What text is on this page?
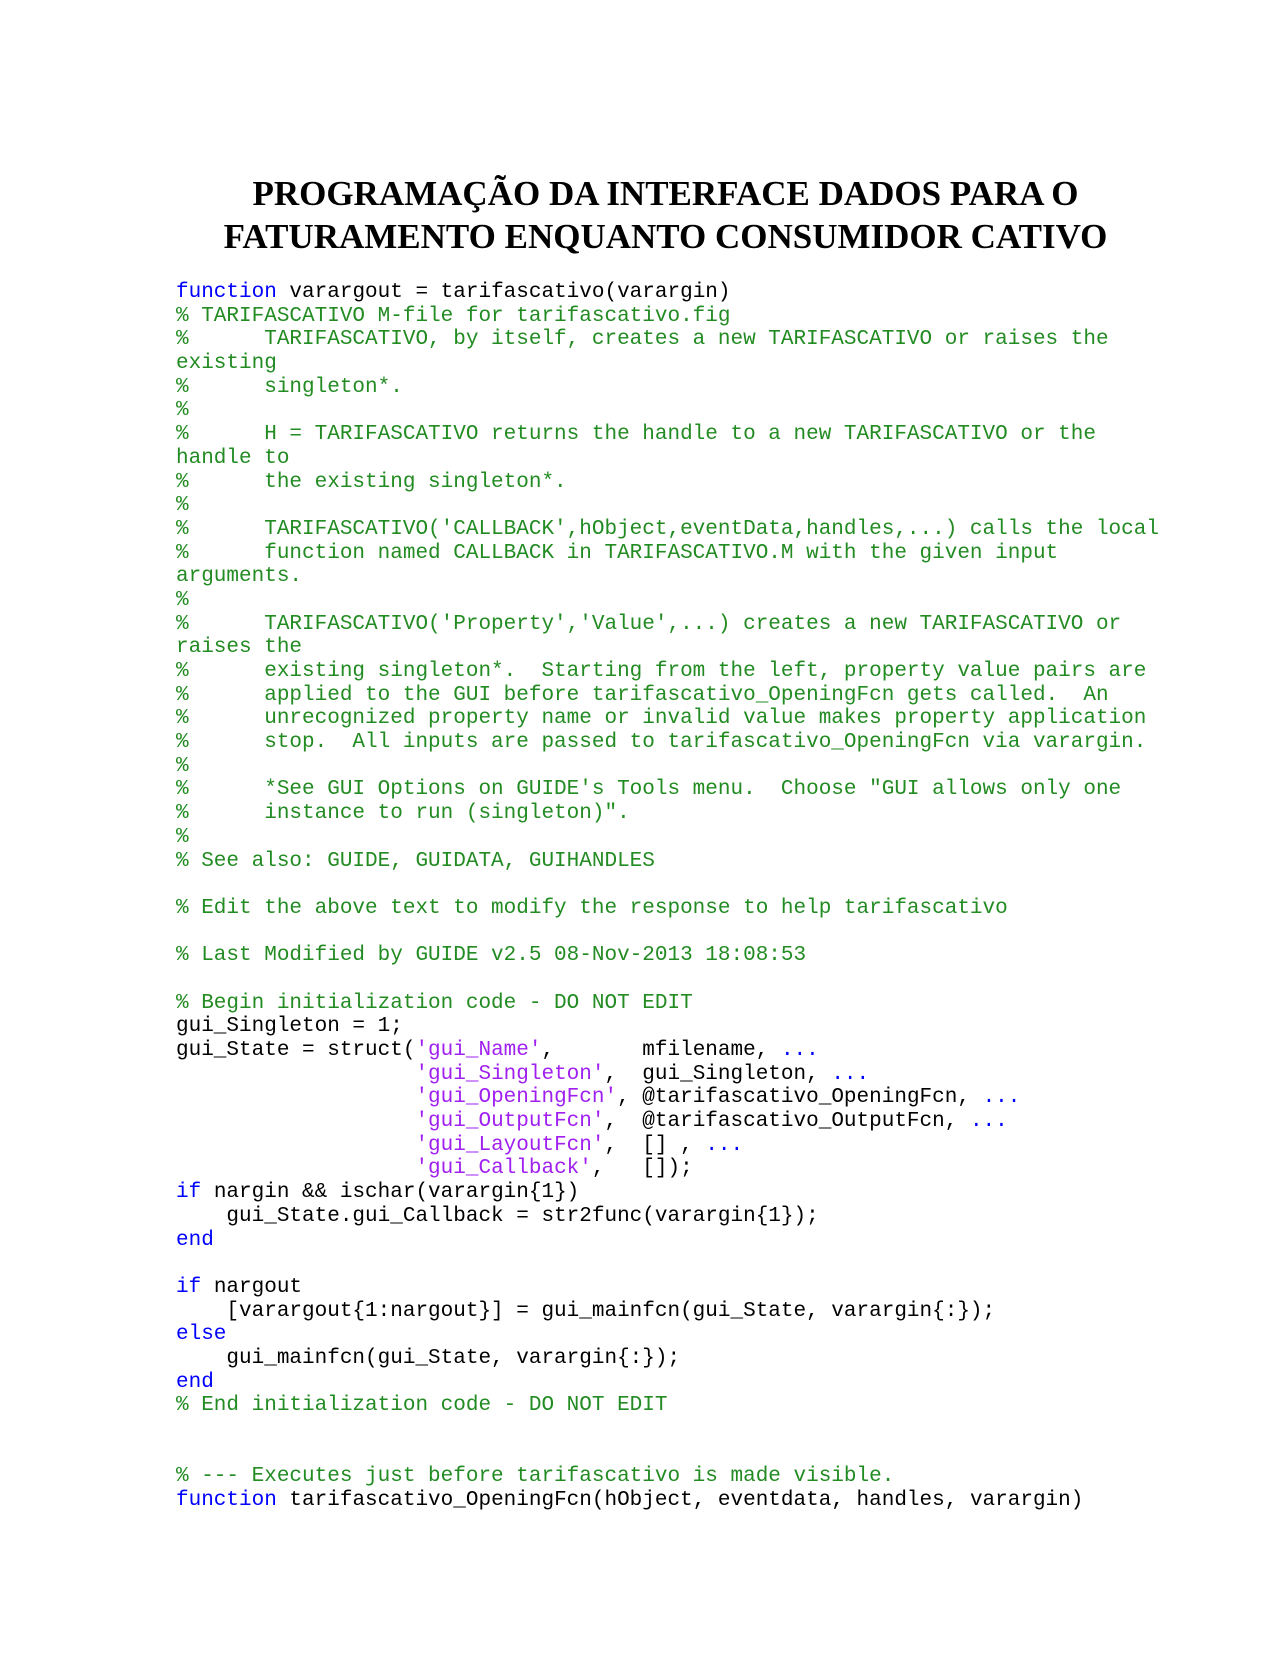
PROGRAMAÇÃO DA INTERFACE DADOS PARA O
FATURAMENTO ENQUANTO CONSUMIDOR CATIVO
function varargout = tarifascativo(varargin)
% TARIFASCATIVO M-file for tarifascativo.fig
%      TARIFASCATIVO, by itself, creates a new TARIFASCATIVO or raises the
existing
%      singleton*.
%
%      H = TARIFASCATIVO returns the handle to a new TARIFASCATIVO or the
handle to
%      the existing singleton*.
%
%      TARIFASCATIVO('CALLBACK',hObject,eventData,handles,...) calls the local
%      function named CALLBACK in TARIFASCATIVO.M with the given input
arguments.
%
%      TARIFASCATIVO('Property','Value',...) creates a new TARIFASCATIVO or
raises the
%      existing singleton*.  Starting from the left, property value pairs are
%      applied to the GUI before tarifascativo_OpeningFcn gets called.  An
%      unrecognized property name or invalid value makes property application
%      stop.  All inputs are passed to tarifascativo_OpeningFcn via varargin.
%
%      *See GUI Options on GUIDE's Tools menu.  Choose "GUI allows only one
%      instance to run (singleton)".
%
% See also: GUIDE, GUIDATA, GUIHANDLES

% Edit the above text to modify the response to help tarifascativo

% Last Modified by GUIDE v2.5 08-Nov-2013 18:08:53

% Begin initialization code - DO NOT EDIT
gui_Singleton = 1;
gui_State = struct('gui_Name',       mfilename, ...
'gui_Singleton',  gui_Singleton, ...
'gui_OpeningFcn', @tarifascativo_OpeningFcn, ...
'gui_OutputFcn',  @tarifascativo_OutputFcn, ...
'gui_LayoutFcn',  [] , ...
'gui_Callback',   []);
if nargin && ischar(varargin{1})
gui_State.gui_Callback = str2func(varargin{1});
end

if nargout
[varargout{1:nargout}] = gui_mainfcn(gui_State, varargin{:});
else
gui_mainfcn(gui_State, varargin{:});
end
% End initialization code - DO NOT EDIT

% --- Executes just before tarifascativo is made visible.
function tarifascativo_OpeningFcn(hObject, eventdata, handles, varargin)
